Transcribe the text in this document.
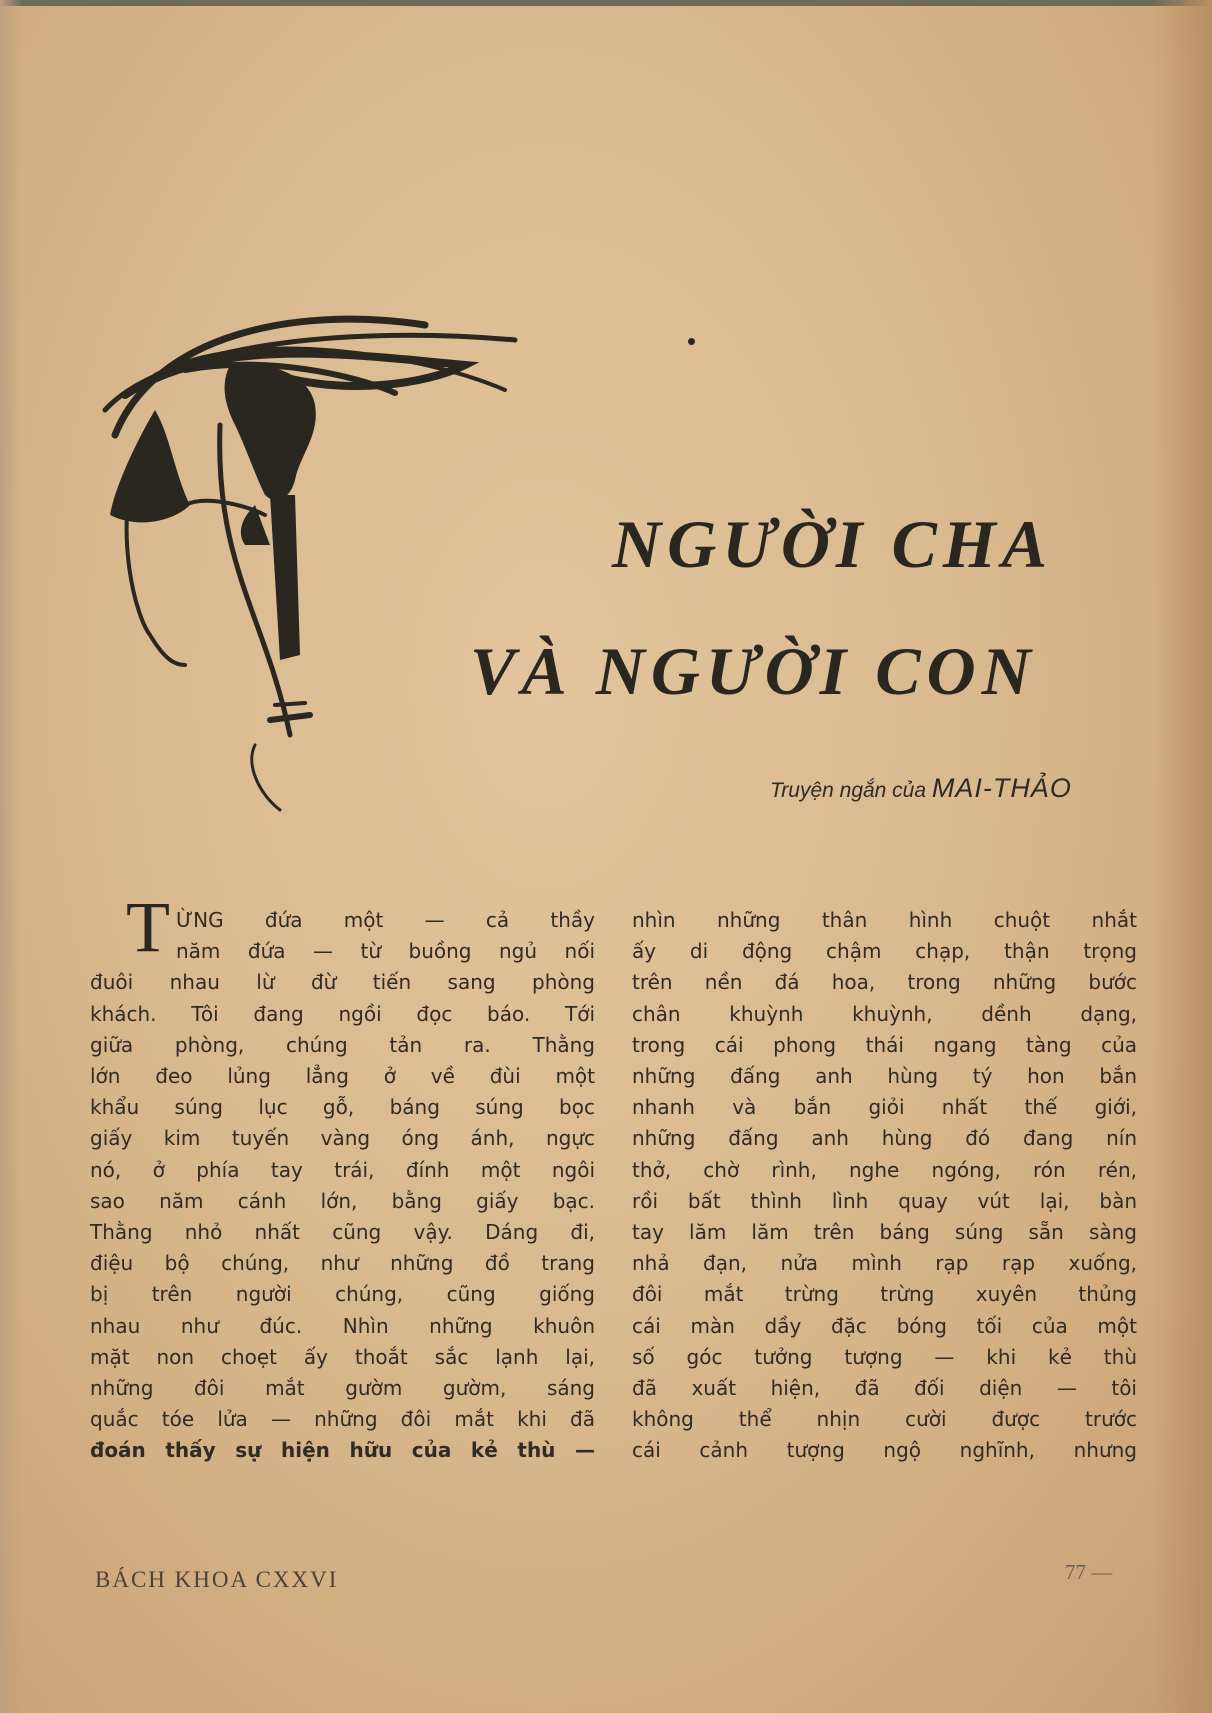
NGƯỜI CHA
VÀ NGƯỜI CON
Truyện ngắn của MAI-THẢO
T ỪNG đứa một — cả thầy
năm đứa — từ buồng ngủ nối
đuôi nhau lừ đừ tiến sang phòng
khách. Tôi đang ngồi đọc báo. Tới
giữa phòng, chúng tản ra. Thằng
lớn đeo lủng lẳng ở về đùi một
khẩu súng lục gỗ, báng súng bọc
giấy kim tuyến vàng óng ánh, ngực
nó, ở phía tay trái, đính một ngôi
sao năm cánh lớn, bằng giấy bạc.
Thằng nhỏ nhất cũng vậy. Dáng đi,
điệu bộ chúng, như những đồ trang
bị trên người chúng, cũng giống
nhau như đúc. Nhìn những khuôn
mặt non choẹt ấy thoắt sắc lạnh lại,
những đôi mắt gườm gườm, sáng
quắc tóe lửa — những đôi mắt khi đã
đoán thấy sự hiện hữu của kẻ thù —
nhìn những thân hình chuột nhắt
ấy di động chậm chạp, thận trọng
trên nền đá hoa, trong những bước
chân khuỳnh khuỳnh, dềnh dạng,
trong cái phong thái ngang tàng của
những đấng anh hùng tý hon bắn
nhanh và bắn giỏi nhất thế giới,
những đấng anh hùng đó đang nín
thở, chờ rình, nghe ngóng, rón rén,
rồi bất thình lình quay vút lại, bàn
tay lăm lăm trên báng súng sẵn sàng
nhả đạn, nửa mình rạp rạp xuống,
đôi mắt trừng trừng xuyên thủng
cái màn dầy đặc bóng tối của một
số góc tưởng tượng — khi kẻ thù
đã xuất hiện, đã đối diện — tôi
không thể nhịn cười được trước
cái cảnh tượng ngộ nghĩnh, nhưng
BÁCH KHOA CXXVI	77 —
